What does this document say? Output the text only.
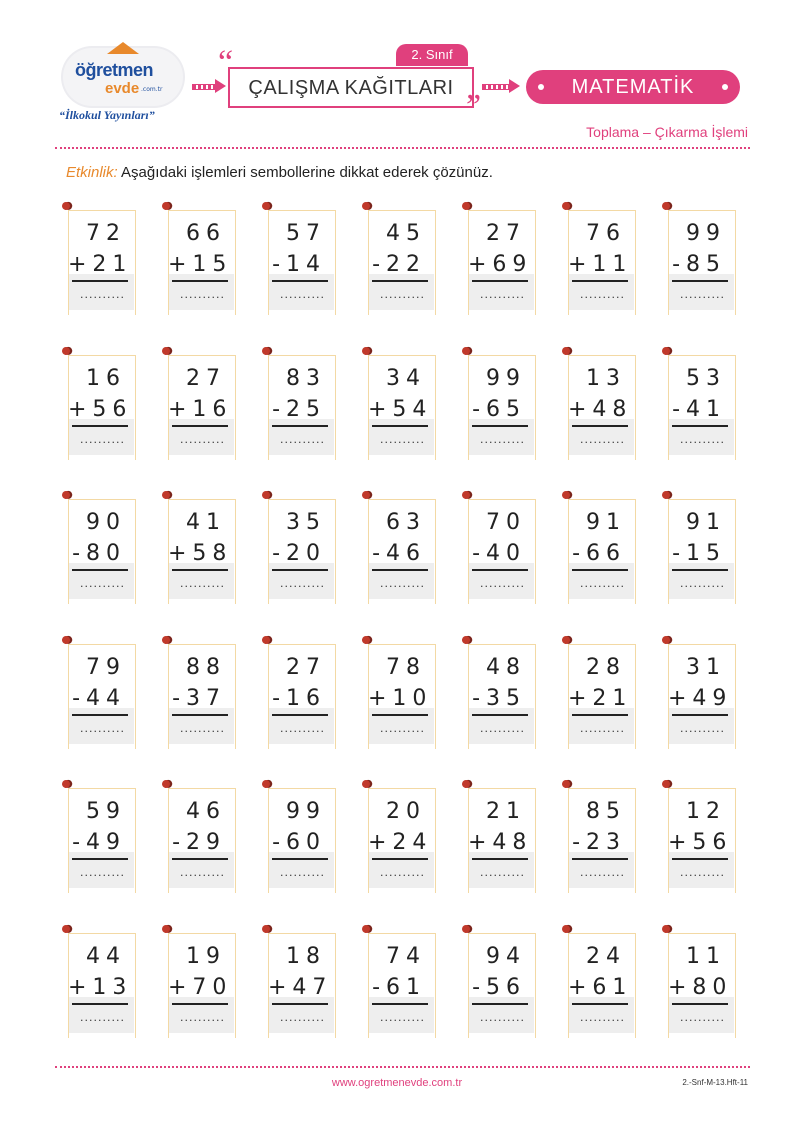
öğretmen
evde .com.tr
“İlkokul Yayınları”
2. Sınıf
“
ÇALIŞMA KAĞITLARI ”
MATEMATİK
Toplama – Çıkarma İşlemi
Etkinlik: Aşağıdaki işlemleri sembollerine dikkat ederek çözünüz.
72
+21
..........
66
+15
..........
57
-14
..........
45
-22
..........
27
+69
..........
76
+11
..........
99
-85
..........
16
+56
..........
27
+16
..........
83
-25
..........
34
+54
..........
99
-65
..........
13
+48
..........
53
-41
..........
90
-80
..........
41
+58
..........
35
-20
..........
63
-46
..........
70
-40
..........
91
-66
..........
91
-15
..........
79
-44
..........
88
-37
..........
27
-16
..........
78
+10
..........
48
-35
..........
28
+21
..........
31
+49
..........
59
-49
..........
46
-29
..........
99
-60
..........
20
+24
..........
21
+48
..........
85
-23
..........
12
+56
..........
44
+13
..........
19
+70
..........
18
+47
..........
74
-61
..........
94
-56
..........
24
+61
..........
11
+80
..........
www.ogretmenevde.com.tr	2.-Snf-M-13.Hft-11
